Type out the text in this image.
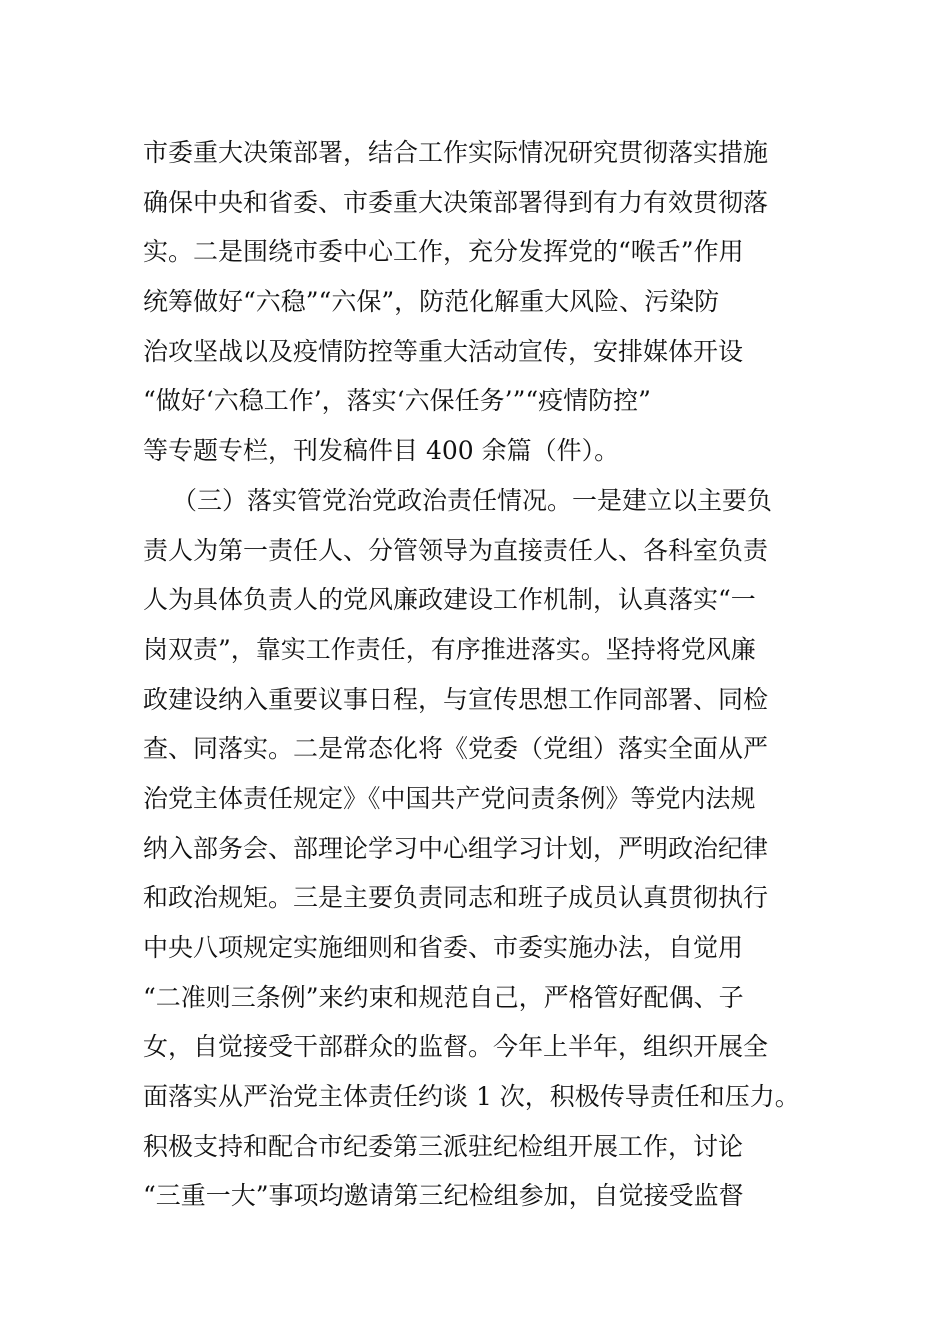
市委重大决策部署，结合工作实际情况研究贯彻落实措施
确保中央和省委、市委重大决策部署得到有力有效贯彻落
实。二是围绕市委中心工作，充分发挥党的“喉舌”作用
统筹做好“六稳”“六保”，防范化解重大风险、污染防
治攻坚战以及疫情防控等重大活动宣传，安排媒体开设
“做好‘六稳工作’，落实‘六保任务’”“疫情防控”
等专题专栏，刊发稿件目 400 余篇（件）。
（三）落实管党治党政治责任情况。一是建立以主要负
责人为第一责任人、分管领导为直接责任人、各科室负责
人为具体负责人的党风廉政建设工作机制，认真落实“一
岗双责”，靠实工作责任，有序推进落实。坚持将党风廉
政建设纳入重要议事日程，与宣传思想工作同部署、同检
查、同落实。二是常态化将《党委（党组）落实全面从严
治党主体责任规定》《中国共产党问责条例》等党内法规
纳入部务会、部理论学习中心组学习计划，严明政治纪律
和政治规矩。三是主要负责同志和班子成员认真贯彻执行
中央八项规定实施细则和省委、市委实施办法，自觉用
“二准则三条例”来约束和规范自己，严格管好配偶、子
女，自觉接受干部群众的监督。今年上半年，组织开展全
面落实从严治党主体责任约谈 1 次，积极传导责任和压力。
积极支持和配合市纪委第三派驻纪检组开展工作，讨论
“三重一大”事项均邀请第三纪检组参加，自觉接受监督
